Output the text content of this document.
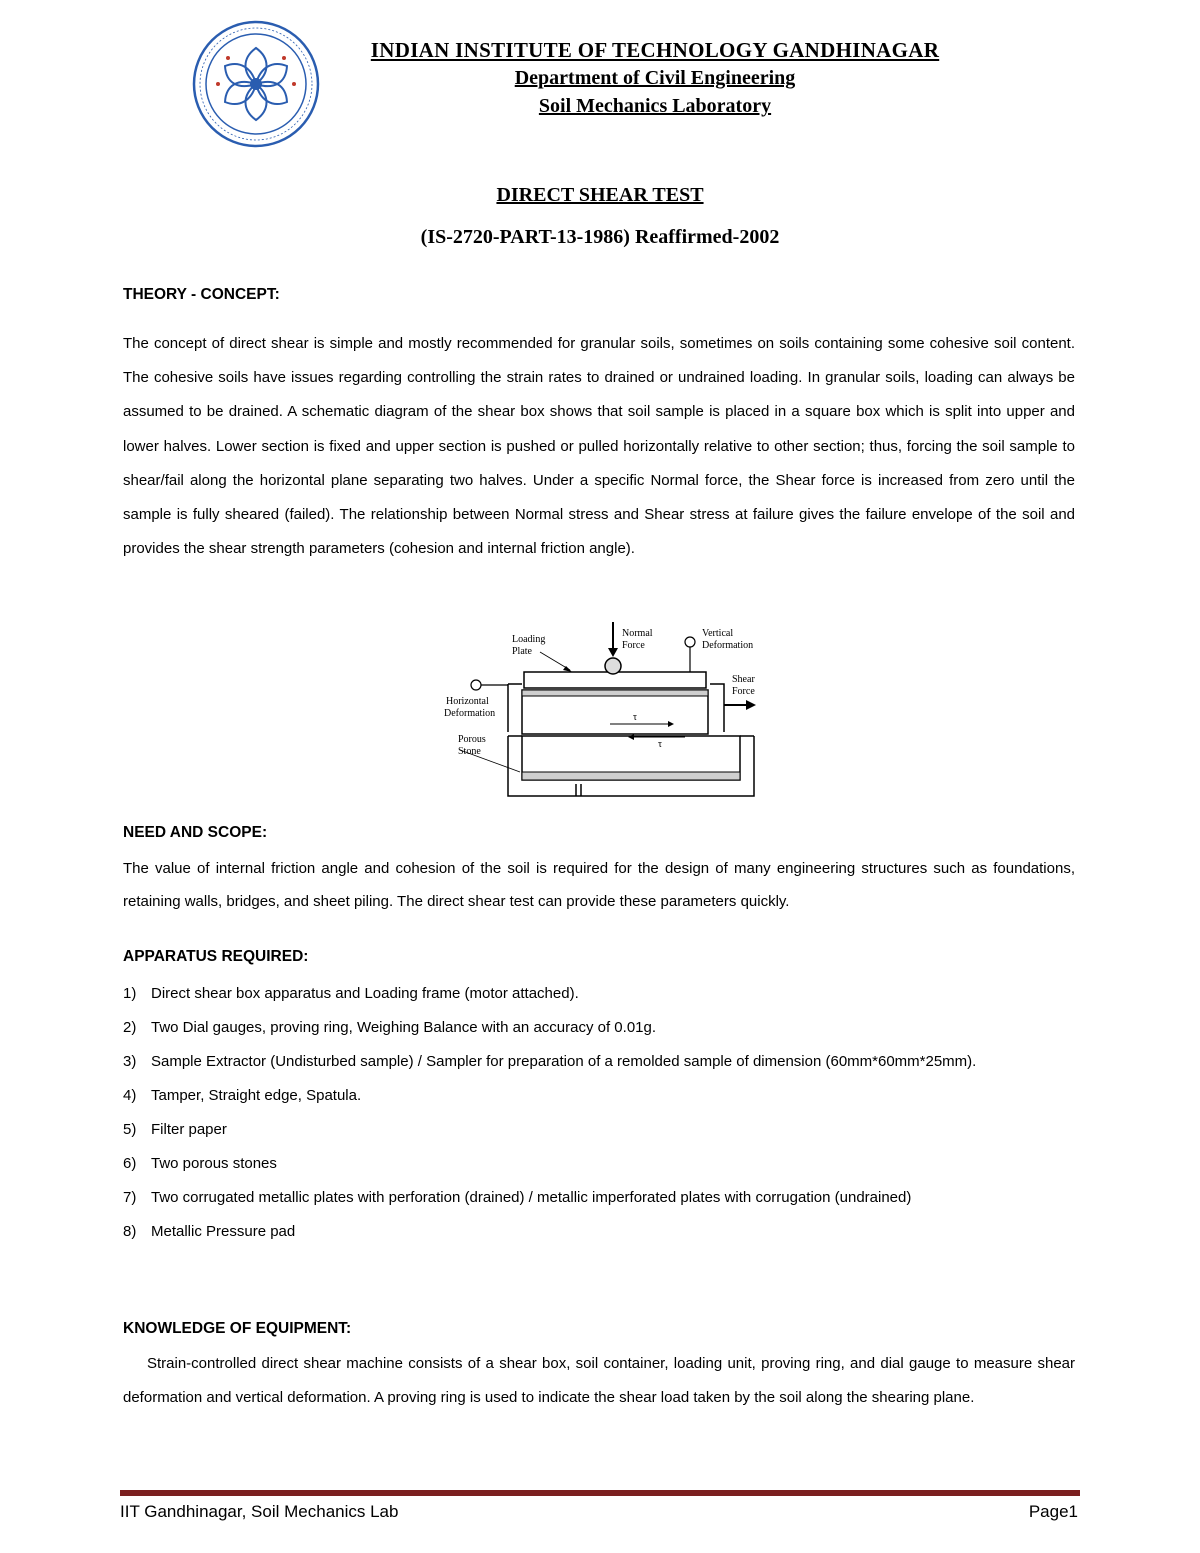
INDIAN INSTITUTE OF TECHNOLOGY GANDHINAGAR
Department of Civil Engineering
Soil Mechanics Laboratory
DIRECT SHEAR TEST
(IS-2720-PART-13-1986) Reaffirmed-2002
THEORY - CONCEPT:
The concept of direct shear is simple and mostly recommended for granular soils, sometimes on soils containing some cohesive soil content. The cohesive soils have issues regarding controlling the strain rates to drained or undrained loading. In granular soils, loading can always be assumed to be drained. A schematic diagram of the shear box shows that soil sample is placed in a square box which is split into upper and lower halves. Lower section is fixed and upper section is pushed or pulled horizontally relative to other section; thus, forcing the soil sample to shear/fail along the horizontal plane separating two halves. Under a specific Normal force, the Shear force is increased from zero until the sample is fully sheared (failed). The relationship between Normal stress and Shear stress at failure gives the failure envelope of the soil and provides the shear strength parameters (cohesion and internal friction angle).
Loading
Plate
Normal
Force
Vertical
Deformation
Shear
Force
Horizontal
Deformation
Porous
Stone
τ
τ
NEED AND SCOPE:
The value of internal friction angle and cohesion of the soil is required for the design of many engineering structures such as foundations, retaining walls, bridges, and sheet piling. The direct shear test can provide these parameters quickly.
APPARATUS REQUIRED:
1) Direct shear box apparatus and Loading frame (motor attached).
2) Two Dial gauges, proving ring, Weighing Balance with an accuracy of 0.01g.
3) Sample Extractor (Undisturbed sample) / Sampler for preparation of a remolded sample of dimension (60mm*60mm*25mm).
4) Tamper, Straight edge, Spatula.
5) Filter paper
6) Two porous stones
7) Two corrugated metallic plates with perforation (drained) / metallic imperforated plates with corrugation (undrained)
8) Metallic Pressure pad
KNOWLEDGE OF EQUIPMENT:
Strain-controlled direct shear machine consists of a shear box, soil container, loading unit, proving ring, and dial gauge to measure shear deformation and vertical deformation. A proving ring is used to indicate the shear load taken by the soil along the shearing plane.
IIT Gandhinagar, Soil Mechanics Lab	Page1
